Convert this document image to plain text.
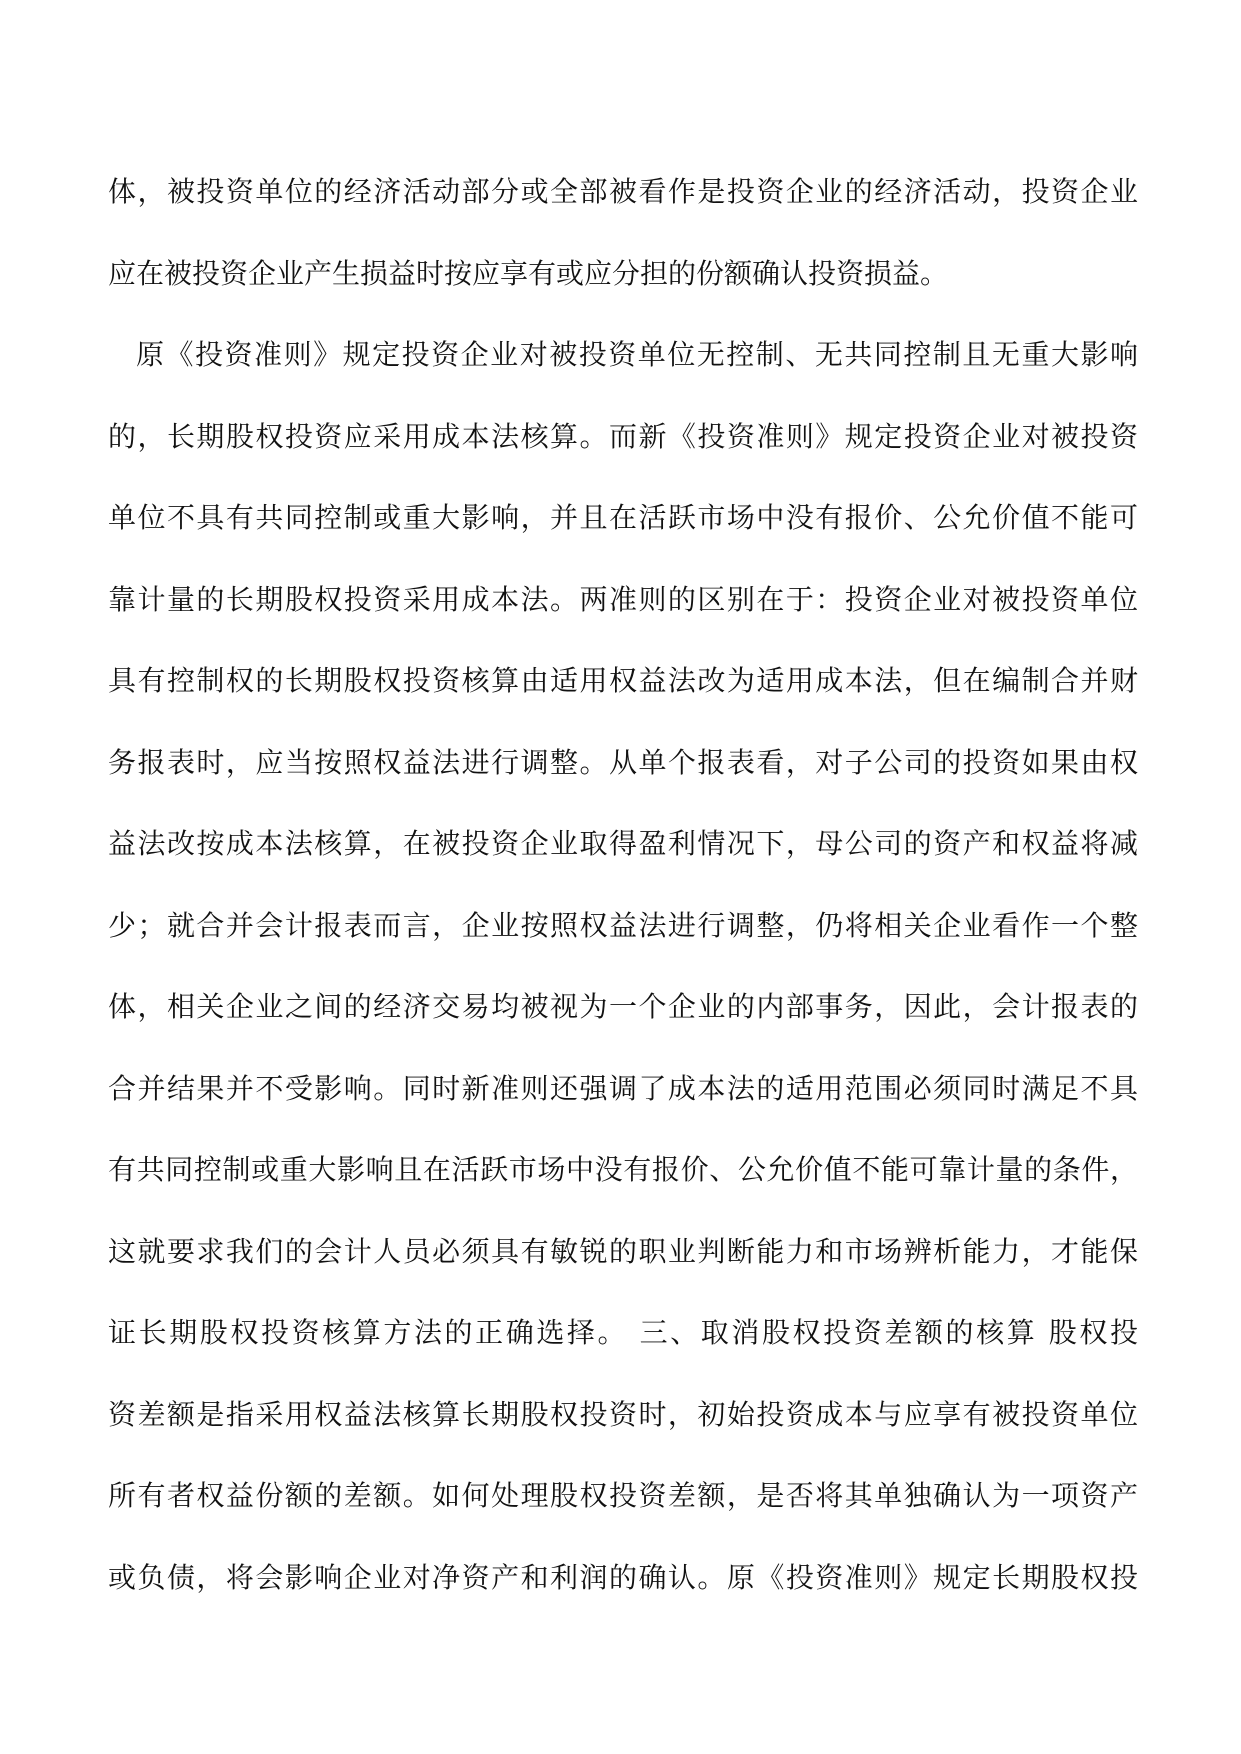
体，被投资单位的经济活动部分或全部被看作是投资企业的经济活动，投资企业
应在被投资企业产生损益时按应享有或应分担的份额确认投资损益。
原《投资准则》规定投资企业对被投资单位无控制、无共同控制且无重大影响
的，长期股权投资应采用成本法核算。而新《投资准则》规定投资企业对被投资
单位不具有共同控制或重大影响，并且在活跃市场中没有报价、公允价值不能可
靠计量的长期股权投资采用成本法。两准则的区别在于：投资企业对被投资单位
具有控制权的长期股权投资核算由适用权益法改为适用成本法，但在编制合并财
务报表时，应当按照权益法进行调整。从单个报表看，对子公司的投资如果由权
益法改按成本法核算，在被投资企业取得盈利情况下，母公司的资产和权益将减
少；就合并会计报表而言，企业按照权益法进行调整，仍将相关企业看作一个整
体，相关企业之间的经济交易均被视为一个企业的内部事务，因此，会计报表的
合并结果并不受影响。同时新准则还强调了成本法的适用范围必须同时满足不具
有共同控制或重大影响且在活跃市场中没有报价、公允价值不能可靠计量的条件，
这就要求我们的会计人员必须具有敏锐的职业判断能力和市场辨析能力，才能保
证长期股权投资核算方法的正确选择。 三、取消股权投资差额的核算 股权投
资差额是指采用权益法核算长期股权投资时，初始投资成本与应享有被投资单位
所有者权益份额的差额。如何处理股权投资差额，是否将其单独确认为一项资产
或负债，将会影响企业对净资产和利润的确认。原《投资准则》规定长期股权投
